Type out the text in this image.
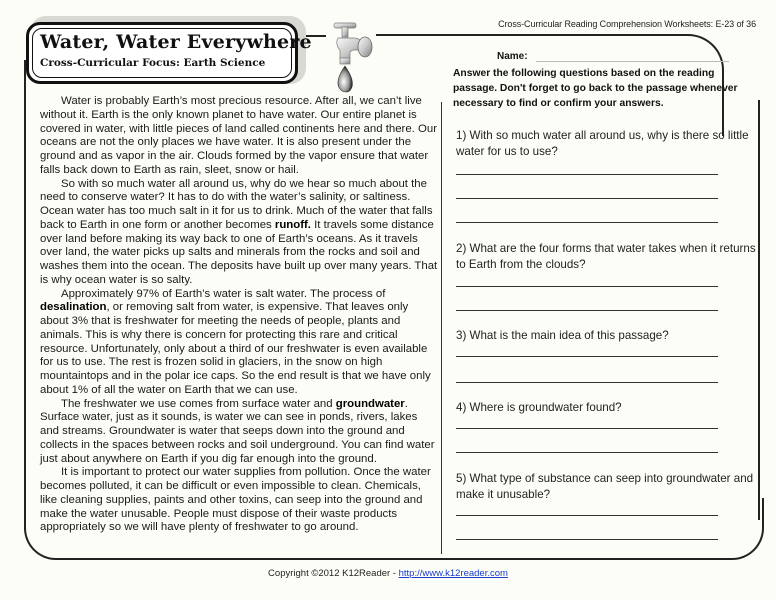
Water, Water Everywhere
Cross-Curricular Focus: Earth Science
Cross-Curricular Reading Comprehension Worksheets: E-23 of 36
Name:
Answer the following questions based on the reading passage. Don't forget to go back to the passage whenever necessary to find or confirm your answers.

Water is probably Earth’s most precious resource. After all, we can’t live without it. Earth is the only known planet to have water. Our entire planet is covered in water, with little pieces of land called continents here and there. Our oceans are not the only places we have water. It is also present under the ground and as vapor in the air. Clouds formed by the vapor ensure that water falls back down to Earth as rain, sleet, snow or hail.

So with so much water all around us, why do we hear so much about the need to conserve water? It has to do with the water’s salinity, or saltiness. Ocean water has too much salt in it for us to drink. Much of the water that falls back to Earth in one form or another becomes runoff. It travels some distance over land before making its way back to one of Earth’s oceans. As it travels over land, the water picks up salts and minerals from the rocks and soil and washes them into the ocean. The deposits have built up over many years. That is why ocean water is so salty.

Approximately 97% of Earth’s water is salt water. The process of desalination, or removing salt from water, is expensive. That leaves only about 3% that is freshwater for meeting the needs of people, plants and animals. This is why there is concern for protecting this rare and critical resource. Unfortunately, only about a third of our freshwater is even available for us to use. The rest is frozen solid in glaciers, in the snow on high mountaintops and in the polar ice caps. So the end result is that we have only about 1% of all the water on Earth that we can use.

The freshwater we use comes from surface water and groundwater. Surface water, just as it sounds, is water we can see in ponds, rivers, lakes and streams. Groundwater is water that seeps down into the ground and collects in the spaces between rocks and soil underground. You can find water just about anywhere on Earth if you dig far enough into the ground.

It is important to protect our water supplies from pollution. Once the water becomes polluted, it can be difficult or even impossible to clean. Chemicals, like cleaning supplies, paints and other toxins, can seep into the ground and make the water unusable. People must dispose of their waste products appropriately so we will have plenty of freshwater to go around.

1) With so much water all around us, why is there so little water for us to use?
2) What are the four forms that water takes when it returns to Earth from the clouds?
3) What is the main idea of this passage?
4) Where is groundwater found?
5) What type of substance can seep into groundwater and make it unusable?
Copyright ©2012 K12Reader - http://www.k12reader.com
